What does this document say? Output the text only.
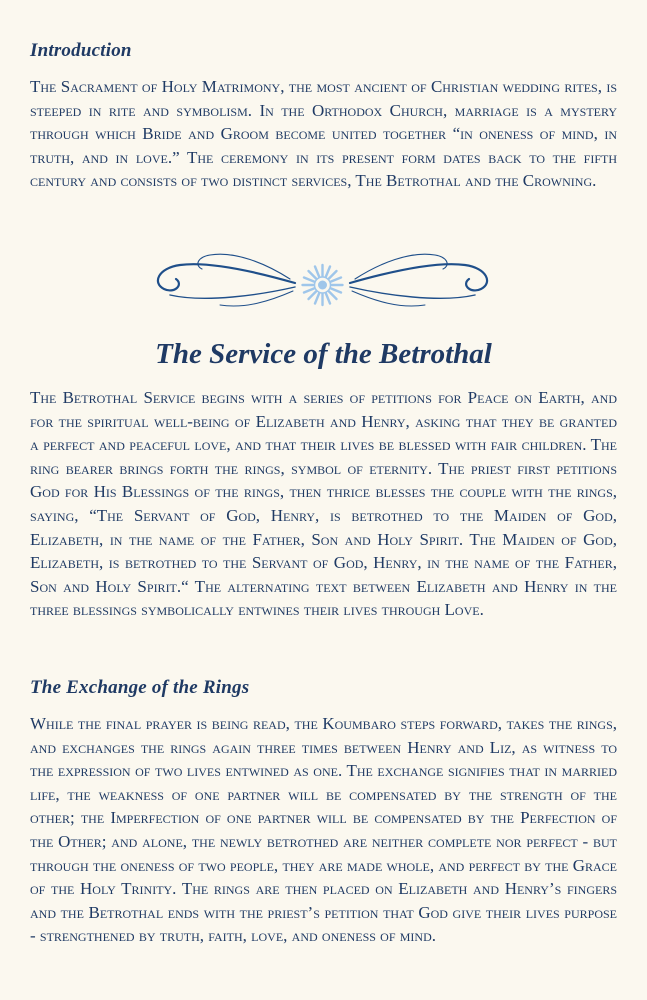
Introduction

The Sacrament of Holy Matrimony, the most ancient of Christian wedding rites, is steeped in rite and symbolism. In the Orthodox Church, marriage is a mystery through which Bride and Groom become united together “in oneness of mind, in truth, and in love.” The ceremony in its present form dates back to the fifth century and consists of two distinct services, The Betrothal and the Crowning.

The Service of the Betrothal

The Betrothal Service begins with a series of petitions for Peace on Earth, and for the spiritual well-being of Elizabeth and Henry, asking that they be granted a perfect and peaceful love, and that their lives be blessed with fair children. The ring bearer brings forth the rings, symbol of eternity. The priest first petitions God for His Blessings of the rings, then thrice blesses the couple with the rings, saying, “The Servant of God, Henry, is betrothed to the Maiden of God, Elizabeth, in the name of the Father, Son and Holy Spirit. The Maiden of God, Elizabeth, is betrothed to the Servant of God, Henry, in the name of the Father, Son and Holy Spirit.“ The alternating text between Elizabeth and Henry in the three blessings symbolically entwines their lives through Love.

The Exchange of the Rings

While the final prayer is being read, the Koumbaro steps forward, takes the rings, and exchanges the rings again three times between Henry and Liz, as witness to the expression of two lives entwined as one. The exchange signifies that in married life, the weakness of one partner will be compensated by the strength of the other; the Imperfection of one partner will be compensated by the Perfection of the Other; and alone, the newly betrothed are neither complete nor perfect - but through the oneness of two people, they are made whole, and perfect by the Grace of the Holy Trinity. The rings are then placed on Elizabeth and Henry’s fingers and the Betrothal ends with the priest’s petition that God give their lives purpose - strengthened by truth, faith, love, and oneness of mind.
